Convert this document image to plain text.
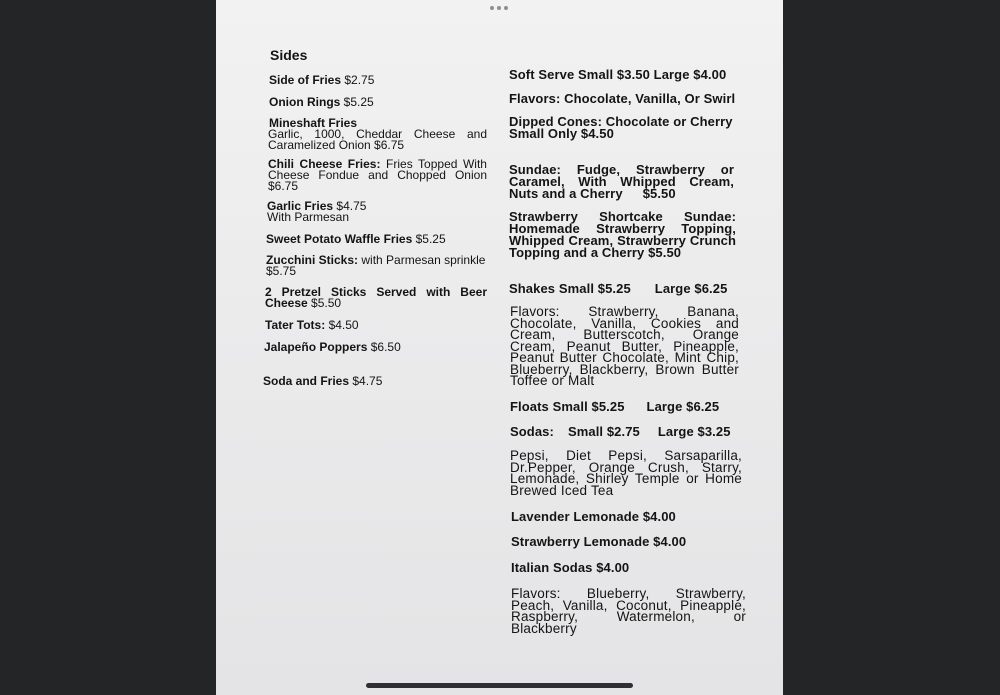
Sides
Side of Fries $2.75
Onion Rings $5.25
Mineshaft Fries

Garlic, 1000, Cheddar Cheese and Caramelized Onion $6.75
Chili Cheese Fries: Fries Topped With Cheese Fondue and Chopped Onion $6.75
Garlic Fries $4.75
With Parmesan
Sweet Potato Waffle Fries $5.25
Zucchini Sticks: with Parmesan sprinkle $5.75
2 Pretzel Sticks Served with Beer Cheese $5.50
Tater Tots: $4.50
Jalapeño Poppers $6.50
Soda and Fries $4.75
Soft Serve Small $3.50 Large $4.00
Flavors: Chocolate, Vanilla, Or Swirl
Dipped Cones: Chocolate or Cherry Small Only $4.50
Sundae: Fudge, Strawberry or Caramel, With Whipped Cream, Nuts and a Cherry $5.50
Strawberry Shortcake Sundae: Homemade Strawberry Topping, Whipped Cream, Strawberry Crunch Topping and a Cherry $5.50
Shakes Small $5.25 Large $6.25
Flavors: Strawberry, Banana, Chocolate, Vanilla, Cookies and Cream, Butterscotch, Orange Cream, Peanut Butter, Pineapple, Peanut Butter Chocolate, Mint Chip, Blueberry, Blackberry, Brown Butter Toffee or Malt
Floats Small $5.25 Large $6.25
Sodas: Small $2.75 Large $3.25
Pepsi, Diet Pepsi, Sarsaparilla, Dr.Pepper, Orange Crush, Starry, Lemonade, Shirley Temple or Home Brewed Iced Tea
Lavender Lemonade $4.00
Strawberry Lemonade $4.00
Italian Sodas $4.00
Flavors: Blueberry, Strawberry, Peach, Vanilla, Coconut, Pineapple, Raspberry, Watermelon, or Blackberry
